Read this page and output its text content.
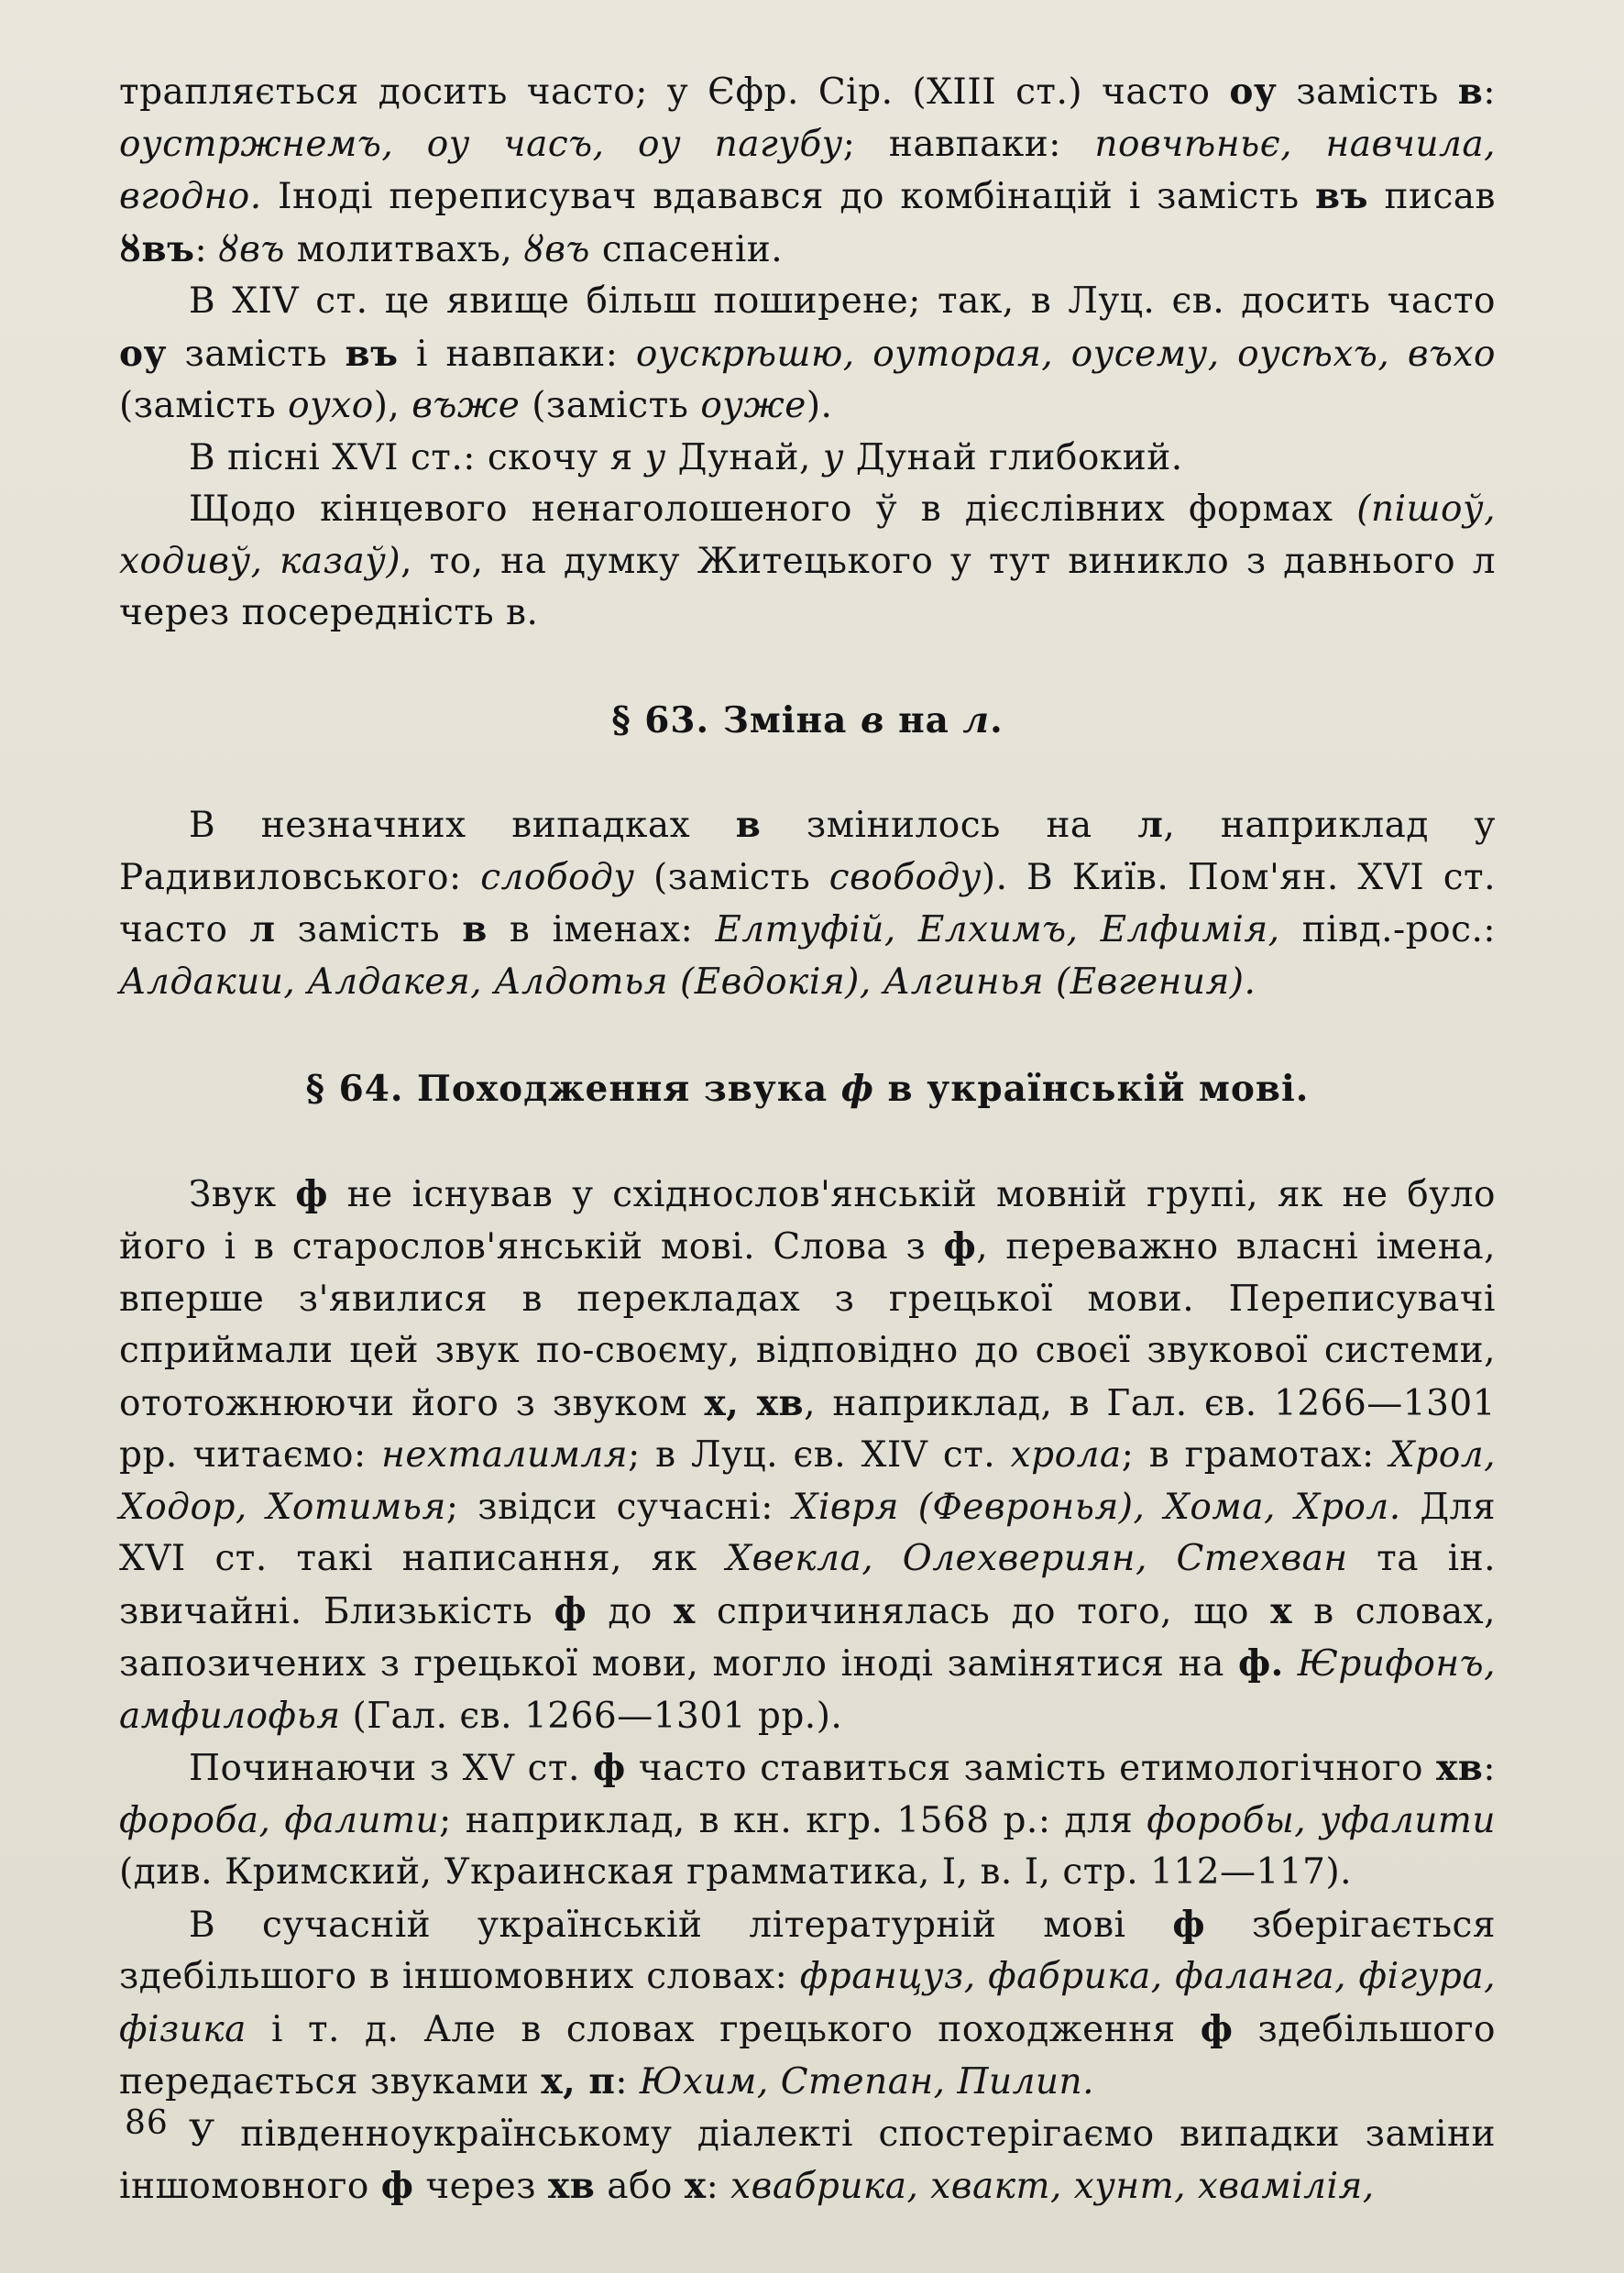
трапляється досить часто; у Єфр. Сір. (XIII ст.) часто оу замість в: оустржнемъ, оу часъ, оу пагубу; навпаки: повчѣньє, навчила, вгодно. Іноді переписувач вдавався до комбінацій і замість въ писав ȣвъ: ȣвъ молитвахъ, ȣвъ спасеніи.

В XIV ст. це явище більш поширене; так, в Луц. єв. досить часто оу замість въ і навпаки: оускрѣшю, оуторая, оусему, оусѣхъ, въхо (замість оухо), въже (замість оуже).

В пісні XVI ст.: скочу я у Дунай, у Дунай глибокий.

Щодо кінцевого ненаголошеного ў в дієслівних формах (пішоў, ходивў, казаў), то, на думку Житецького у тут виникло з давнього л через посередність в.

§ 63. Зміна в на л.

В незначних випадках в змінилось на л, наприклад у Радивиловського: слободу (замість свободу). В Київ. Пом'ян. XVI ст. часто л замість в в іменах: Елтуфій, Елхимъ, Елфимія, півд.-рос.: Алдакии, Алдакея, Алдотья (Евдокія), Алгинья (Евгения).

§ 64. Походження звука ф в українській мові.

Звук ф не існував у східнослов'янській мовній групі, як не було його і в старослов'янській мові. Слова з ф, переважно власні імена, вперше з'явилися в перекладах з грецької мови. Переписувачі сприймали цей звук по-своєму, відповідно до своєї звукової системи, ототожнюючи його з звуком х, хв, наприклад, в Гал. єв. 1266—1301 рр. читаємо: нехталимля; в Луц. єв. XIV ст. хрола; в грамотах: Хрол, Ходор, Хотимья; звідси сучасні: Хівря (Февронья), Хома, Хрол. Для XVI ст. такі написання, як Хвекла, Олехвериян, Стехван та ін. звичайні. Близькість ф до х спричинялась до того, що х в словах, запозичених з грецької мови, могло іноді замінятися на ф. Ѥрифонъ, амфилофья (Гал. єв. 1266—1301 рр.).

Починаючи з XV ст. ф часто ставиться замість етимологічного хв: фороба, фалити; наприклад, в кн. кгр. 1568 р.: для форобы, уфалити (див. Кримский, Украинская грамматика, I, в. I, стр. 112—117).

В сучасній українській літературній мові ф зберігається здебільшого в іншомовних словах: француз, фабрика, фаланга, фігура, фізика і т. д. Але в словах грецького походження ф здебільшого передається звуками х, п: Юхим, Степан, Пилип.

У південноукраїнському діалекті спостерігаємо випадки заміни іншомовного ф через хв або х: хвабрика, хвакт, хунт, хвамілія,

86
